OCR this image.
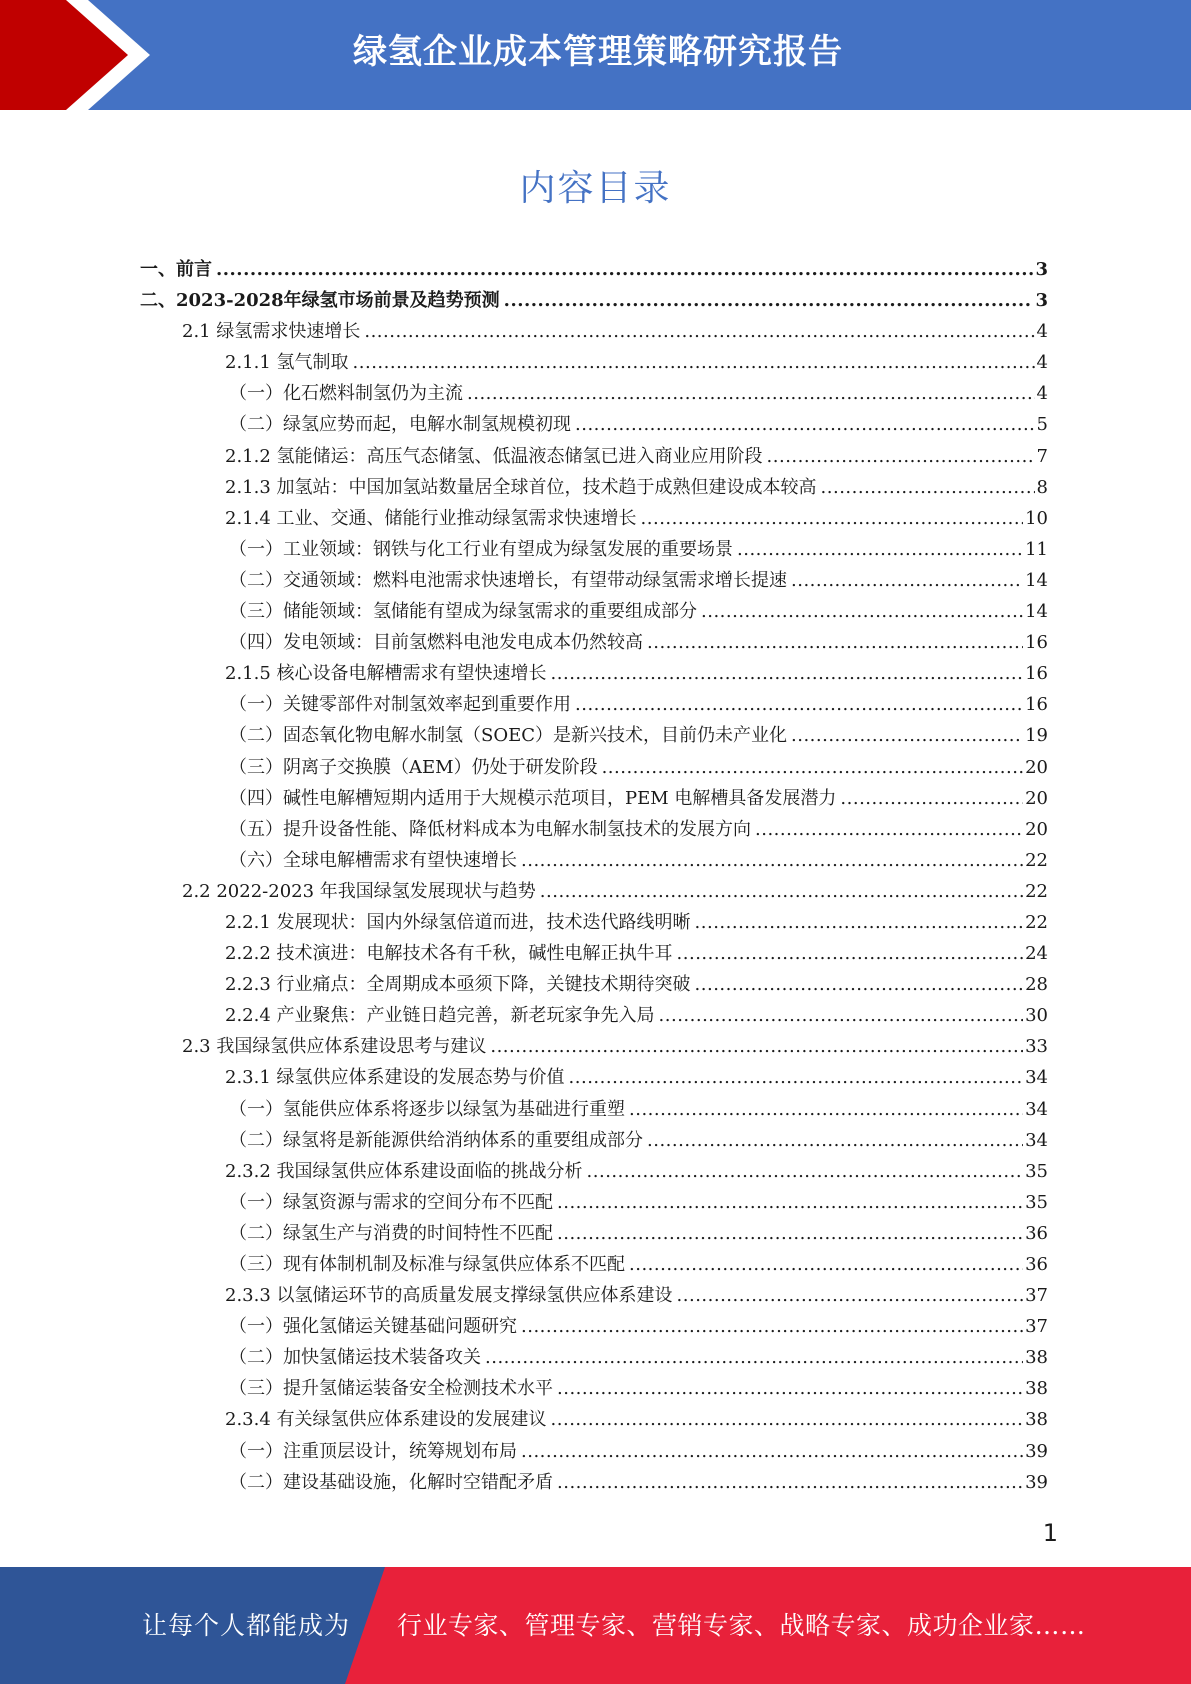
绿氢企业成本管理策略研究报告
内容目录
一、前言 .....	3
二、2023-2028年绿氢市场前景及趋势预测 .....	3
2.1 绿氢需求快速增长 .....	4
2.1.1 氢气制取 .....	4
（一）化石燃料制氢仍为主流 .....	4
（二）绿氢应势而起，电解水制氢规模初现 .....	5
2.1.2 氢能储运：高压气态储氢、低温液态储氢已进入商业应用阶段 .....	7
2.1.3 加氢站：中国加氢站数量居全球首位，技术趋于成熟但建设成本较高 .....	8
2.1.4 工业、交通、储能行业推动绿氢需求快速增长 .....	10
（一）工业领域：钢铁与化工行业有望成为绿氢发展的重要场景 .....	11
（二）交通领域：燃料电池需求快速增长，有望带动绿氢需求增长提速 .....	14
（三）储能领域：氢储能有望成为绿氢需求的重要组成部分 .....	14
（四）发电领域：目前氢燃料电池发电成本仍然较高 .....	16
2.1.5 核心设备电解槽需求有望快速增长 .....	16
（一）关键零部件对制氢效率起到重要作用 .....	16
（二）固态氧化物电解水制氢（SOEC）是新兴技术，目前仍未产业化 .....	19
（三）阴离子交换膜（AEM）仍处于研发阶段 .....	20
（四）碱性电解槽短期内适用于大规模示范项目，PEM 电解槽具备发展潜力 .....	20
（五）提升设备性能、降低材料成本为电解水制氢技术的发展方向 .....	20
（六）全球电解槽需求有望快速增长 .....	22
2.2 2022-2023 年我国绿氢发展现状与趋势 .....	22
2.2.1 发展现状：国内外绿氢倍道而进，技术迭代路线明晰 .....	22
2.2.2 技术演进：电解技术各有千秋，碱性电解正执牛耳 .....	24
2.2.3 行业痛点：全周期成本亟须下降，关键技术期待突破 .....	28
2.2.4 产业聚焦：产业链日趋完善，新老玩家争先入局 .....	30
2.3 我国绿氢供应体系建设思考与建议 .....	33
2.3.1 绿氢供应体系建设的发展态势与价值 .....	34
（一）氢能供应体系将逐步以绿氢为基础进行重塑 .....	34
（二）绿氢将是新能源供给消纳体系的重要组成部分 .....	34
2.3.2 我国绿氢供应体系建设面临的挑战分析 .....	35
（一）绿氢资源与需求的空间分布不匹配 .....	35
（二）绿氢生产与消费的时间特性不匹配 .....	36
（三）现有体制机制及标准与绿氢供应体系不匹配 .....	36
2.3.3 以氢储运环节的高质量发展支撑绿氢供应体系建设 .....	37
（一）强化氢储运关键基础问题研究 .....	37
（二）加快氢储运技术装备攻关 .....	38
（三）提升氢储运装备安全检测技术水平 .....	38
2.3.4 有关绿氢供应体系建设的发展建议 .....	38
（一）注重顶层设计，统筹规划布局 .....	39
（二）建设基础设施，化解时空错配矛盾 .....	39
1
让每个人都能成为 行业专家、管理专家、营销专家、战略专家、成功企业家……
